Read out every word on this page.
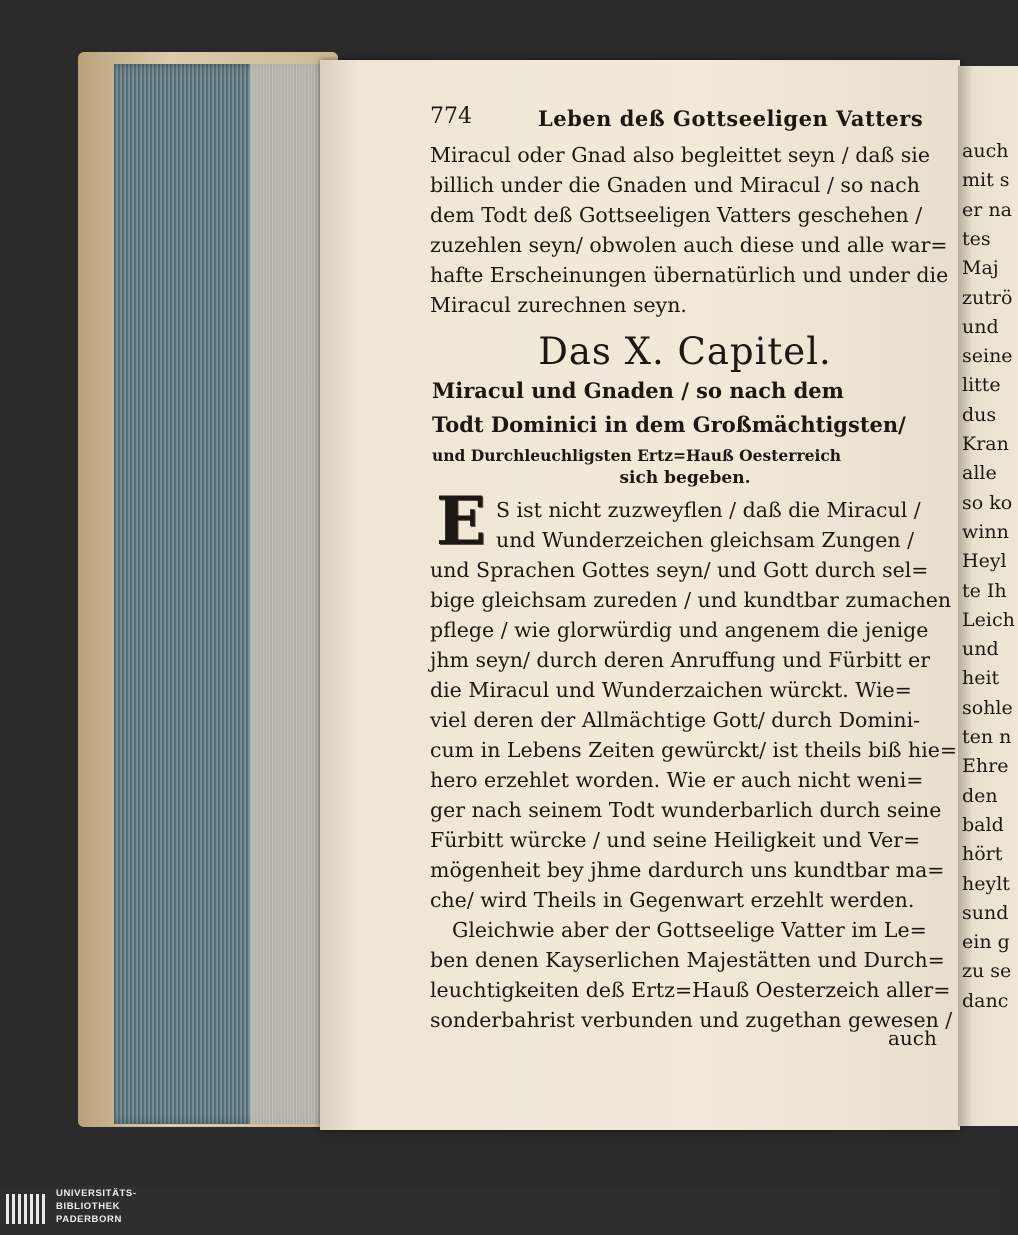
774	Leben deß Gottseeligen Vatters
Miracul oder Gnad also begleittet seyn / daß sie
billich under die Gnaden und Miracul / so nach
dem Todt deß Gottseeligen Vatters geschehen /
zuzehlen seyn/ obwolen auch diese und alle war=
hafte Erscheinungen übernatürlich und under die
Miracul zurechnen seyn.
Das X. Capitel.
Miracul und Gnaden / so nach dem
Todt Dominici in dem Großmächtigsten/
und Durchleuchligsten Ertz=Hauß Oesterreich
sich begeben.
E S ist nicht zuzweyflen / daß die Miracul /
und Wunderzeichen gleichsam Zungen /
und Sprachen Gottes seyn/ und Gott durch sel=
bige gleichsam zureden / und kundtbar zumachen
pflege / wie glorwürdig und angenem die jenige
jhm seyn/ durch deren Anruffung und Fürbitt er
die Miracul und Wunderzaichen würckt. Wie=
viel deren der Allmächtige Gott/ durch Domini-
cum in Lebens Zeiten gewürckt/ ist theils biß hie=
hero erzehlet worden. Wie er auch nicht weni=
ger nach seinem Todt wunderbarlich durch seine
Fürbitt würcke / und seine Heiligkeit und Ver=
mögenheit bey jhme dardurch uns kundtbar ma=
che/ wird Theils in Gegenwart erzehlt werden.
Gleichwie aber der Gottseelige Vatter im Le=
ben denen Kayserlichen Majestätten und Durch=
leuchtigkeiten deß Ertz=Hauß Oesterzeich aller=
sonderbahrist verbunden und zugethan gewesen /
auch
auch
mit s
er na
tes
Maj
zutrö
und
seine
litte
dus
Kran
alle
so ko
winn
Heyl
te Ih
Leich
und
heit
sohle
ten n
Ehre
den
bald
hört
heylt
sund
ein g
zu se
danc
UNIVERSITÄTS-
BIBLIOTHEK
PADERBORN
